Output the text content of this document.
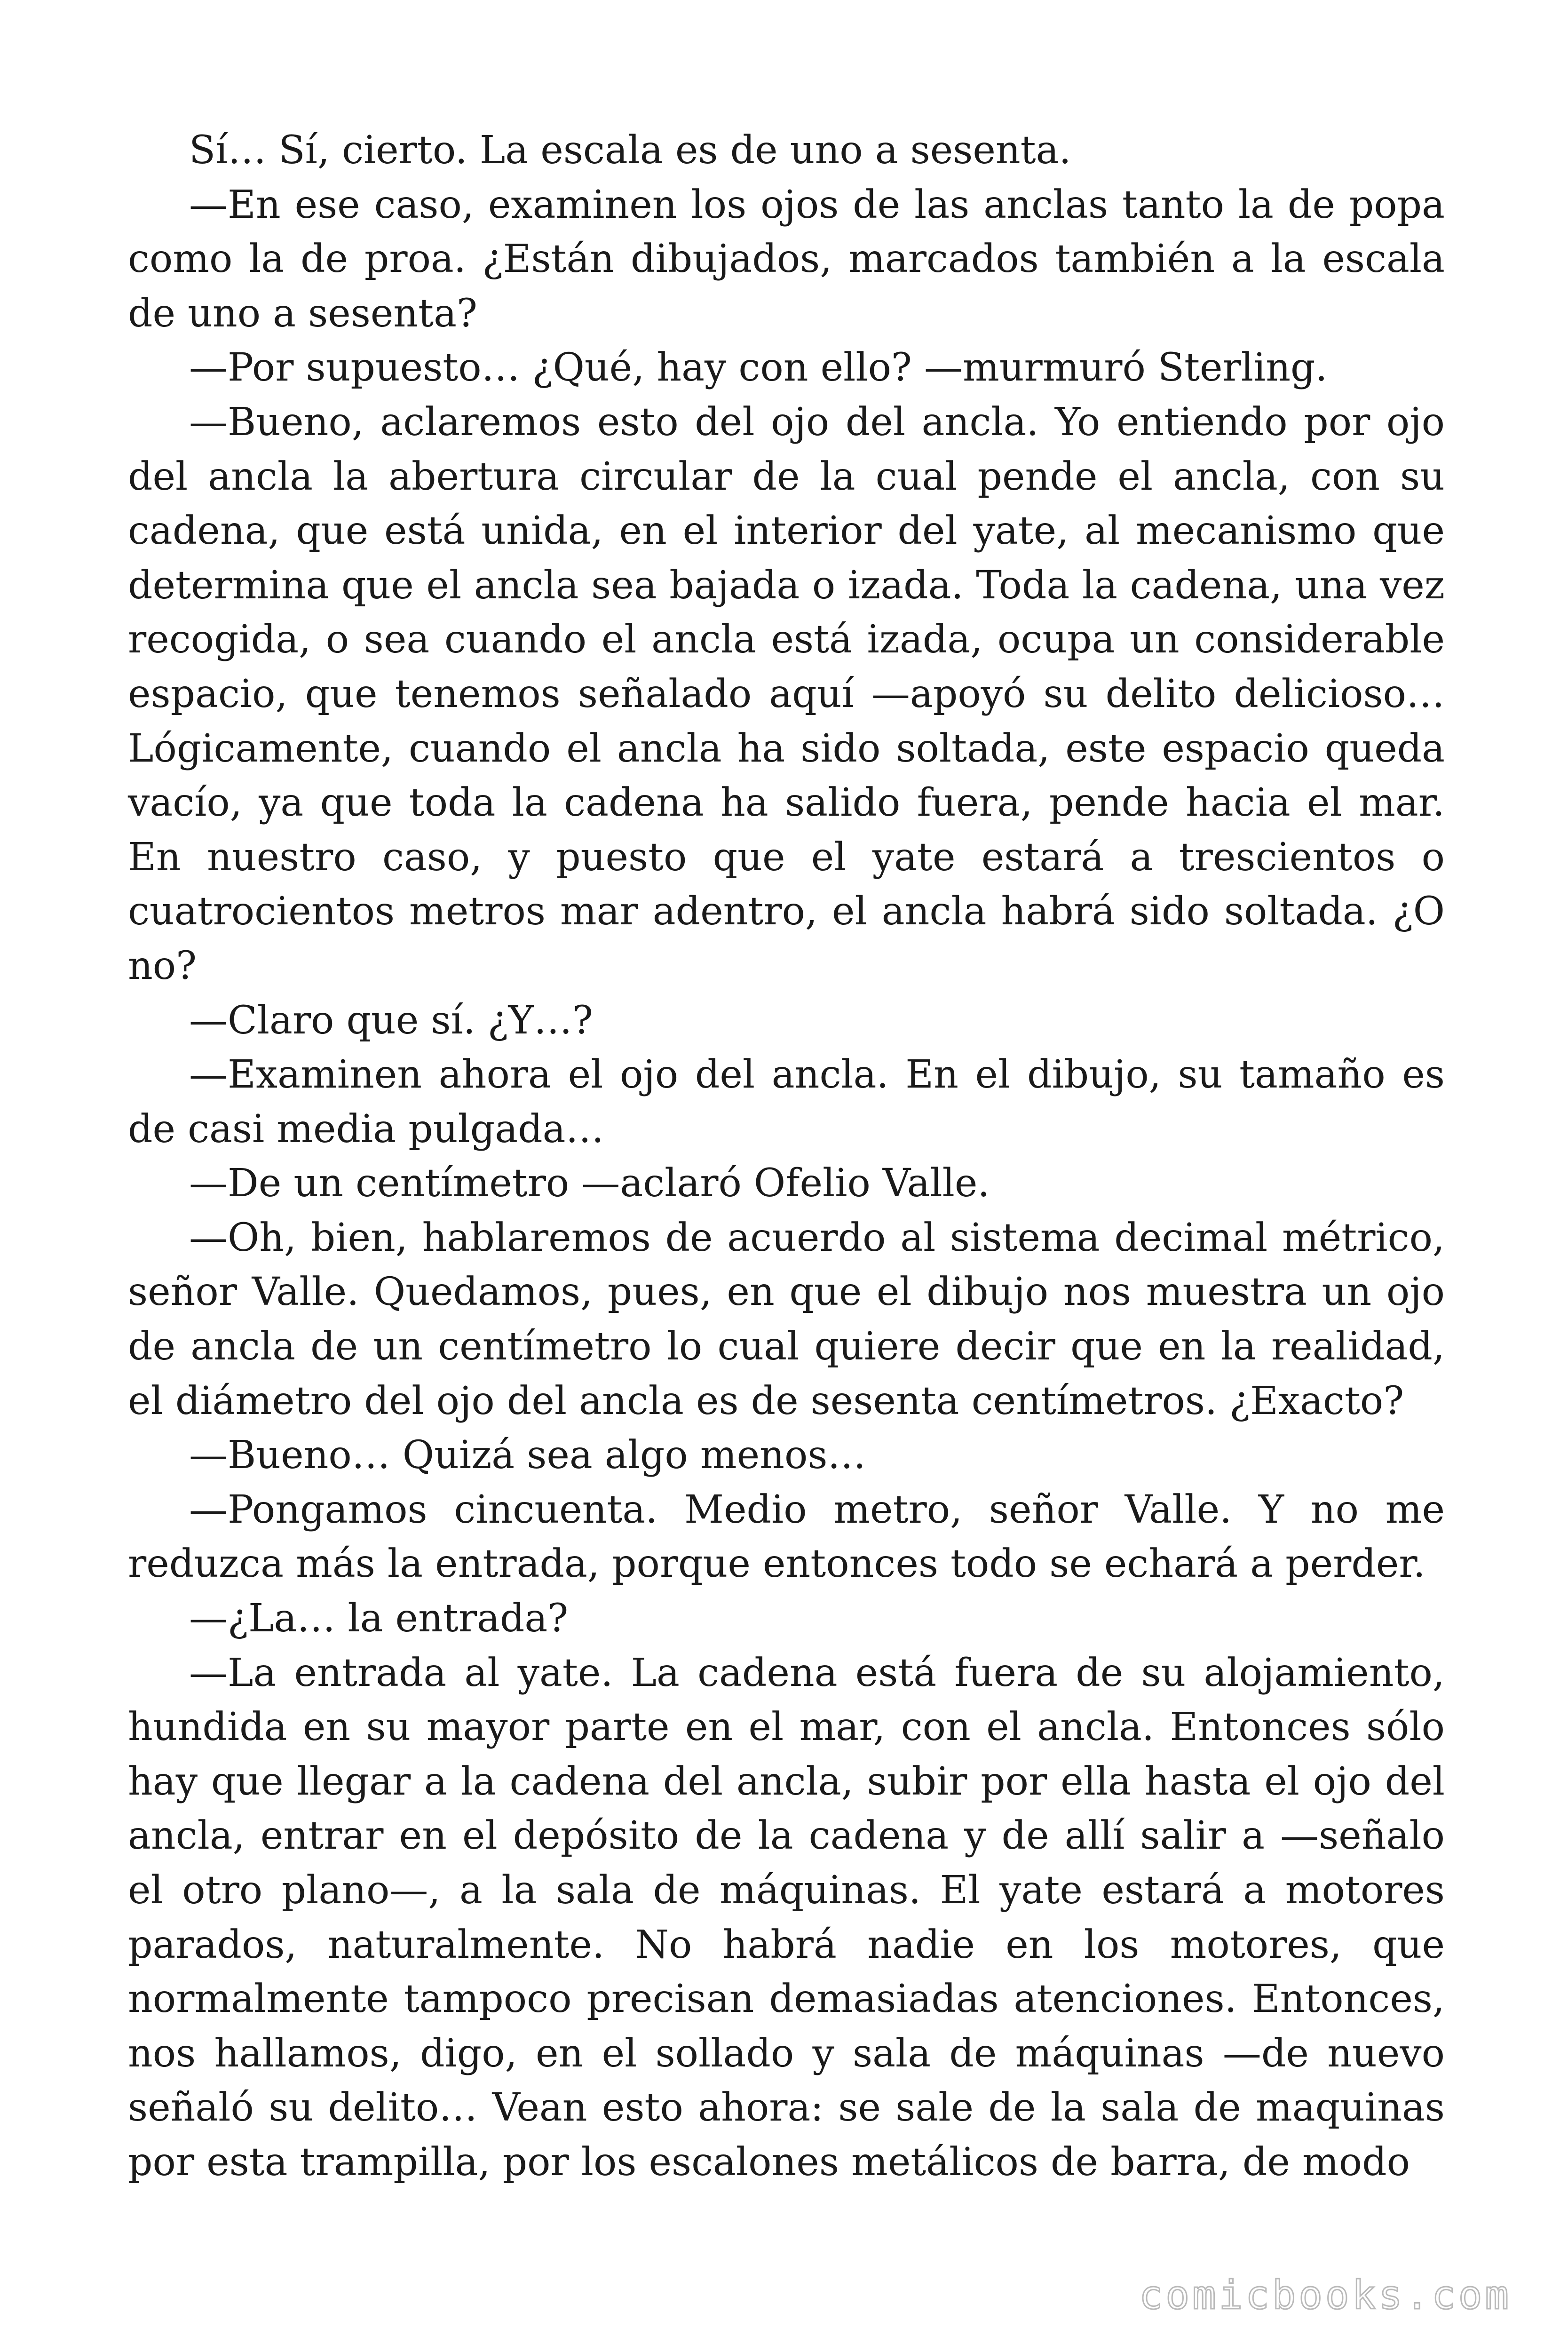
Sí… Sí, cierto. La escala es de uno a sesenta.

—En ese caso, examinen los ojos de las anclas tanto la de popa como la de proa. ¿Están dibujados, marcados también a la escala de uno a sesenta?

—Por supuesto… ¿Qué, hay con ello? —murmuró Sterling.

—Bueno, aclaremos esto del ojo del ancla. Yo entiendo por ojo del ancla la abertura circular de la cual pende el ancla, con su cadena, que está unida, en el interior del yate, al mecanismo que determina que el ancla sea bajada o izada. Toda la cadena, una vez recogida, o sea cuando el ancla está izada, ocupa un considerable espacio, que tenemos señalado aquí —apoyó su delito delicioso… Lógicamente, cuando el ancla ha sido soltada, este espacio queda vacío, ya que toda la cadena ha salido fuera, pende hacia el mar. En nuestro caso, y puesto que el yate estará a trescientos o cuatrocientos metros mar adentro, el ancla habrá sido soltada. ¿O no?

—Claro que sí. ¿Y…?

—Examinen ahora el ojo del ancla. En el dibujo, su tamaño es de casi media pulgada…

—De un centímetro —aclaró Ofelio Valle.

—Oh, bien, hablaremos de acuerdo al sistema decimal métrico, señor Valle. Quedamos, pues, en que el dibujo nos muestra un ojo de ancla de un centímetro lo cual quiere decir que en la realidad, el diámetro del ojo del ancla es de sesenta centímetros. ¿Exacto?

—Bueno… Quizá sea algo menos…

—Pongamos cincuenta. Medio metro, señor Valle. Y no me reduzca más la entrada, porque entonces todo se echará a perder.

—¿La… la entrada?

—La entrada al yate. La cadena está fuera de su alojamiento, hundida en su mayor parte en el mar, con el ancla. Entonces sólo hay que llegar a la cadena del ancla, subir por ella hasta el ojo del ancla, entrar en el depósito de la cadena y de allí salir a —señalo el otro plano—, a la sala de máquinas. El yate estará a motores parados, naturalmente. No habrá nadie en los motores, que normalmente tampoco precisan demasiadas atenciones. Entonces, nos hallamos, digo, en el sollado y sala de máquinas —de nuevo señaló su delito… Vean esto ahora: se sale de la sala de maquinas por esta trampilla, por los escalones metálicos de barra, de modo

comicbooks.com
